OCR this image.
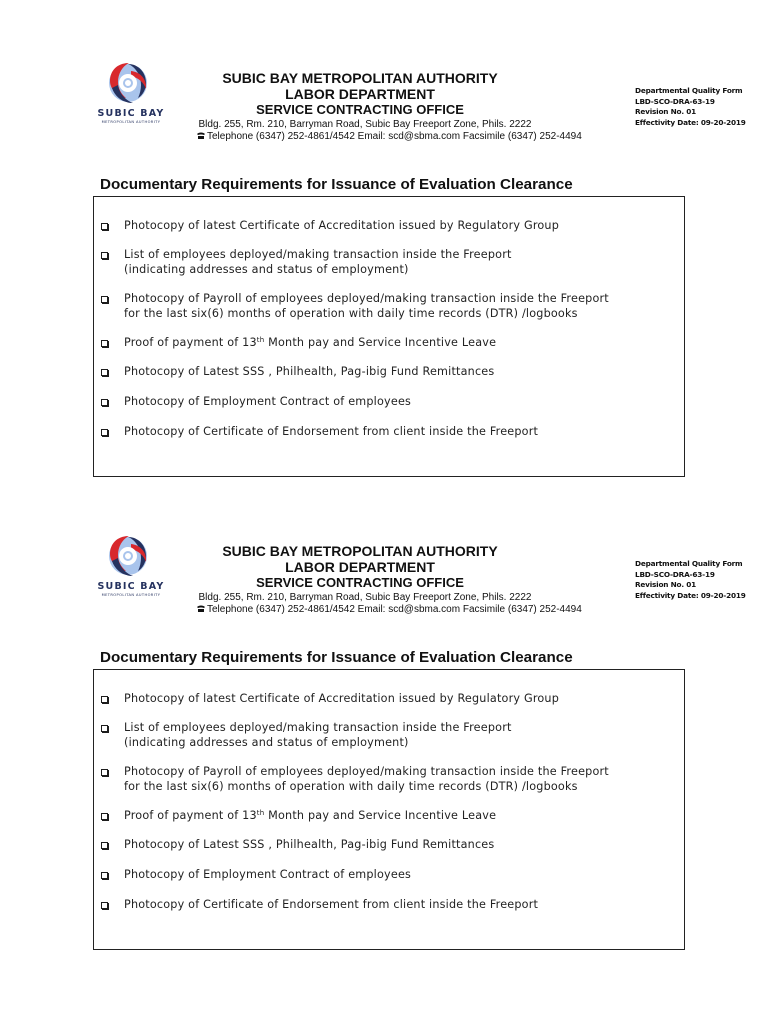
SUBIC BAY
METROPOLITAN AUTHORITY
SUBIC BAY METROPOLITAN AUTHORITY
LABOR DEPARTMENT
SERVICE CONTRACTING OFFICE
Bldg. 255, Rm. 210, Barryman Road, Subic Bay Freeport Zone, Phils. 2222
Telephone (6347) 252-4861/4542 Email: scd@sbma.com Facsimile (6347) 252-4494
Departmental Quality Form
LBD-SCO-DRA-63-19
Revision No. 01
Effectivity Date: 09-20-2019
Documentary Requirements for Issuance of Evaluation Clearance
Photocopy of latest Certificate of Accreditation issued by Regulatory Group
List of employees deployed/making transaction inside the Freeport
(indicating addresses and status of employment)
Photocopy of Payroll of employees deployed/making transaction inside the Freeport
for the last six(6) months of operation with daily time records (DTR) /logbooks
Proof of payment of 13th Month pay and Service Incentive Leave
Photocopy of Latest SSS , Philhealth, Pag-ibig Fund Remittances
Photocopy of Employment Contract of employees
Photocopy of Certificate of Endorsement from client inside the Freeport
SUBIC BAY
METROPOLITAN AUTHORITY
SUBIC BAY METROPOLITAN AUTHORITY
LABOR DEPARTMENT
SERVICE CONTRACTING OFFICE
Bldg. 255, Rm. 210, Barryman Road, Subic Bay Freeport Zone, Phils. 2222
Telephone (6347) 252-4861/4542 Email: scd@sbma.com Facsimile (6347) 252-4494
Departmental Quality Form
LBD-SCO-DRA-63-19
Revision No. 01
Effectivity Date: 09-20-2019
Documentary Requirements for Issuance of Evaluation Clearance
Photocopy of latest Certificate of Accreditation issued by Regulatory Group
List of employees deployed/making transaction inside the Freeport
(indicating addresses and status of employment)
Photocopy of Payroll of employees deployed/making transaction inside the Freeport
for the last six(6) months of operation with daily time records (DTR) /logbooks
Proof of payment of 13th Month pay and Service Incentive Leave
Photocopy of Latest SSS , Philhealth, Pag-ibig Fund Remittances
Photocopy of Employment Contract of employees
Photocopy of Certificate of Endorsement from client inside the Freeport
